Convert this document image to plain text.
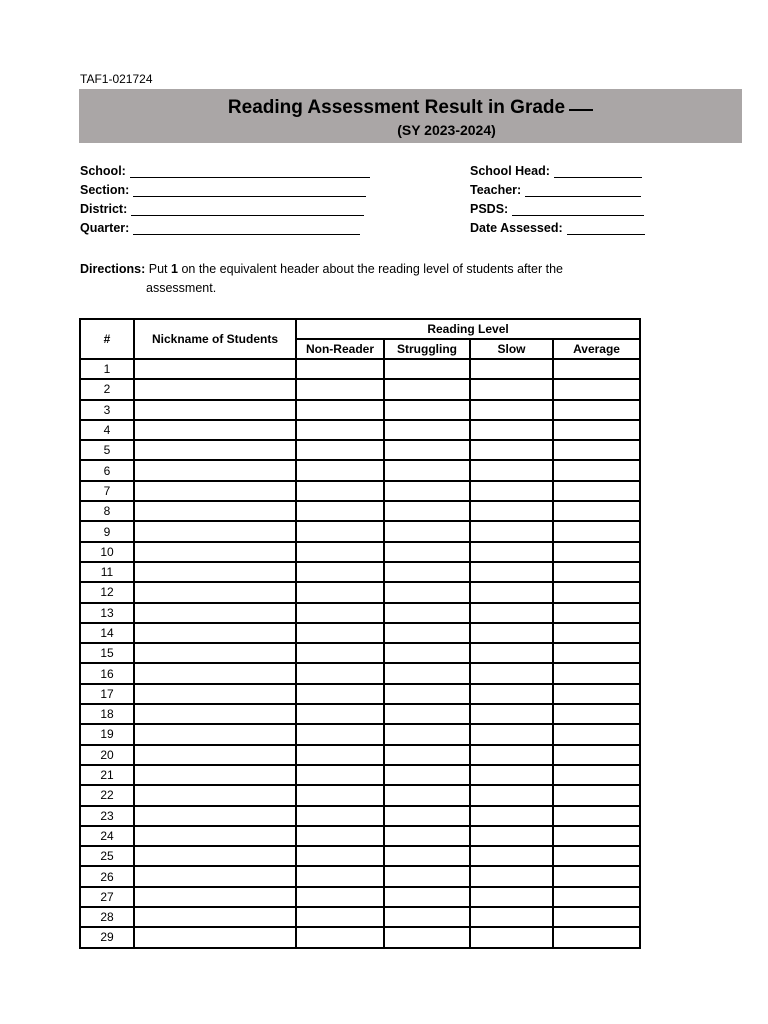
TAF1-021724
Reading Assessment Result in Grade
(SY 2023-2024)
School:
Section:
District:
Quarter:
School Head:
Teacher:
PSDS:
Date Assessed:
Directions: Put 1 on the equivalent header about the reading level of students after the
assessment.
#	Nickname of Students	Reading Level			
		Non-Reader	Struggling	Slow	Average
1					
2					
3					
4					
5					
6					
7					
8					
9					
10					
11					
12					
13					
14					
15					
16					
17					
18					
19					
20					
21					
22					
23					
24					
25					
26					
27					
28					
29					
